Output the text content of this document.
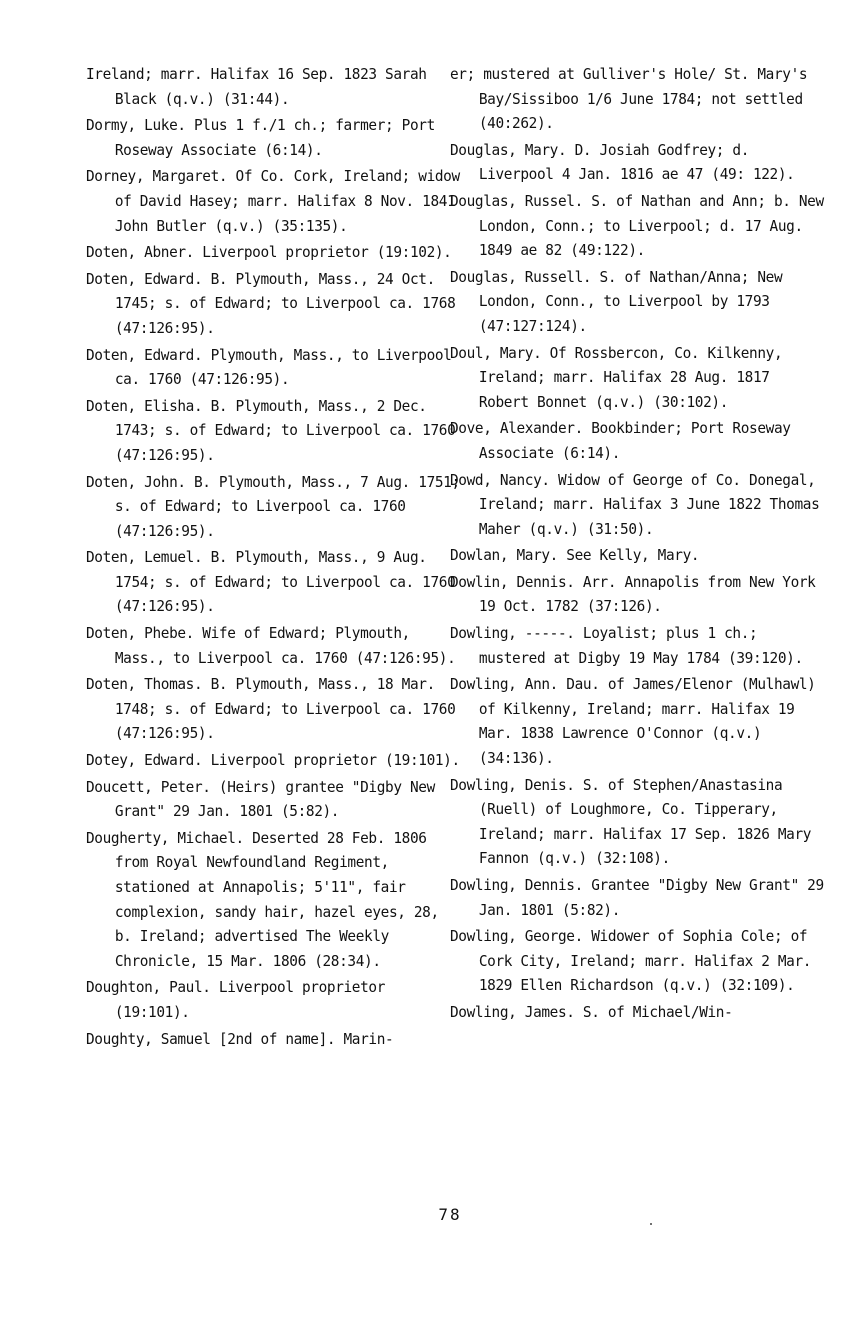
Ireland; marr. Halifax 16 Sep. 1823 Sarah Black (q.v.) (31:44).

Dormy, Luke. Plus 1 f./1 ch.; farmer; Port Roseway Associate (6:14).

Dorney, Margaret. Of Co. Cork, Ireland; widow of David Hasey; marr. Halifax 8 Nov. 1841 John Butler (q.v.) (35:135).

Doten, Abner. Liverpool proprietor (19:102).

Doten, Edward. B. Plymouth, Mass., 24 Oct. 1745; s. of Edward; to Liverpool ca. 1768 (47:126:95).

Doten, Edward. Plymouth, Mass., to Liverpool ca. 1760 (47:126:95).

Doten, Elisha. B. Plymouth, Mass., 2 Dec. 1743; s. of Edward; to Liverpool ca. 1760 (47:126:95).

Doten, John. B. Plymouth, Mass., 7 Aug. 1751; s. of Edward; to Liverpool ca. 1760 (47:126:95).

Doten, Lemuel. B. Plymouth, Mass., 9 Aug. 1754; s. of Edward; to Liverpool ca. 1760 (47:126:95).

Doten, Phebe. Wife of Edward; Plymouth, Mass., to Liverpool ca. 1760 (47:126:95).

Doten, Thomas. B. Plymouth, Mass., 18 Mar. 1748; s. of Edward; to Liverpool ca. 1760 (47:126:95).

Dotey, Edward. Liverpool proprietor (19:101).

Doucett, Peter. (Heirs) grantee "Digby New Grant" 29 Jan. 1801 (5:82).

Dougherty, Michael. Deserted 28 Feb. 1806 from Royal Newfoundland Regiment, stationed at Annapolis; 5'11", fair complexion, sandy hair, hazel eyes, 28, b. Ireland; advertised The Weekly Chronicle, 15 Mar. 1806 (28:34).

Doughton, Paul. Liverpool proprietor (19:101).

Doughty, Samuel [2nd of name]. Marin-

er; mustered at Gulliver's Hole/ St. Mary's Bay/Sissiboo 1/6 June 1784; not settled (40:262).

Douglas, Mary. D. Josiah Godfrey; d. Liverpool 4 Jan. 1816 ae 47 (49: 122).

Douglas, Russel. S. of Nathan and Ann; b. New London, Conn.; to Liverpool; d. 17 Aug. 1849 ae 82 (49:122).

Douglas, Russell. S. of Nathan/Anna; New London, Conn., to Liverpool by 1793 (47:127:124).

Doul, Mary. Of Rossbercon, Co. Kilkenny, Ireland; marr. Halifax 28 Aug. 1817 Robert Bonnet (q.v.) (30:102).

Dove, Alexander. Bookbinder; Port Roseway Associate (6:14).

Dowd, Nancy. Widow of George of Co. Donegal, Ireland; marr. Halifax 3 June 1822 Thomas Maher (q.v.) (31:50).

Dowlan, Mary. See Kelly, Mary.

Dowlin, Dennis. Arr. Annapolis from New York 19 Oct. 1782 (37:126).

Dowling, -----. Loyalist; plus 1 ch.; mustered at Digby 19 May 1784 (39:120).

Dowling, Ann. Dau. of James/Elenor (Mulhawl) of Kilkenny, Ireland; marr. Halifax 19 Mar. 1838 Lawrence O'Connor (q.v.) (34:136).

Dowling, Denis. S. of Stephen/Anastasina (Ruell) of Loughmore, Co. Tipperary, Ireland; marr. Halifax 17 Sep. 1826 Mary Fannon (q.v.) (32:108).

Dowling, Dennis. Grantee "Digby New Grant" 29 Jan. 1801 (5:82).

Dowling, George. Widower of Sophia Cole; of Cork City, Ireland; marr. Halifax 2 Mar. 1829 Ellen Richardson (q.v.) (32:109).

Dowling, James. S. of Michael/Win-

78
